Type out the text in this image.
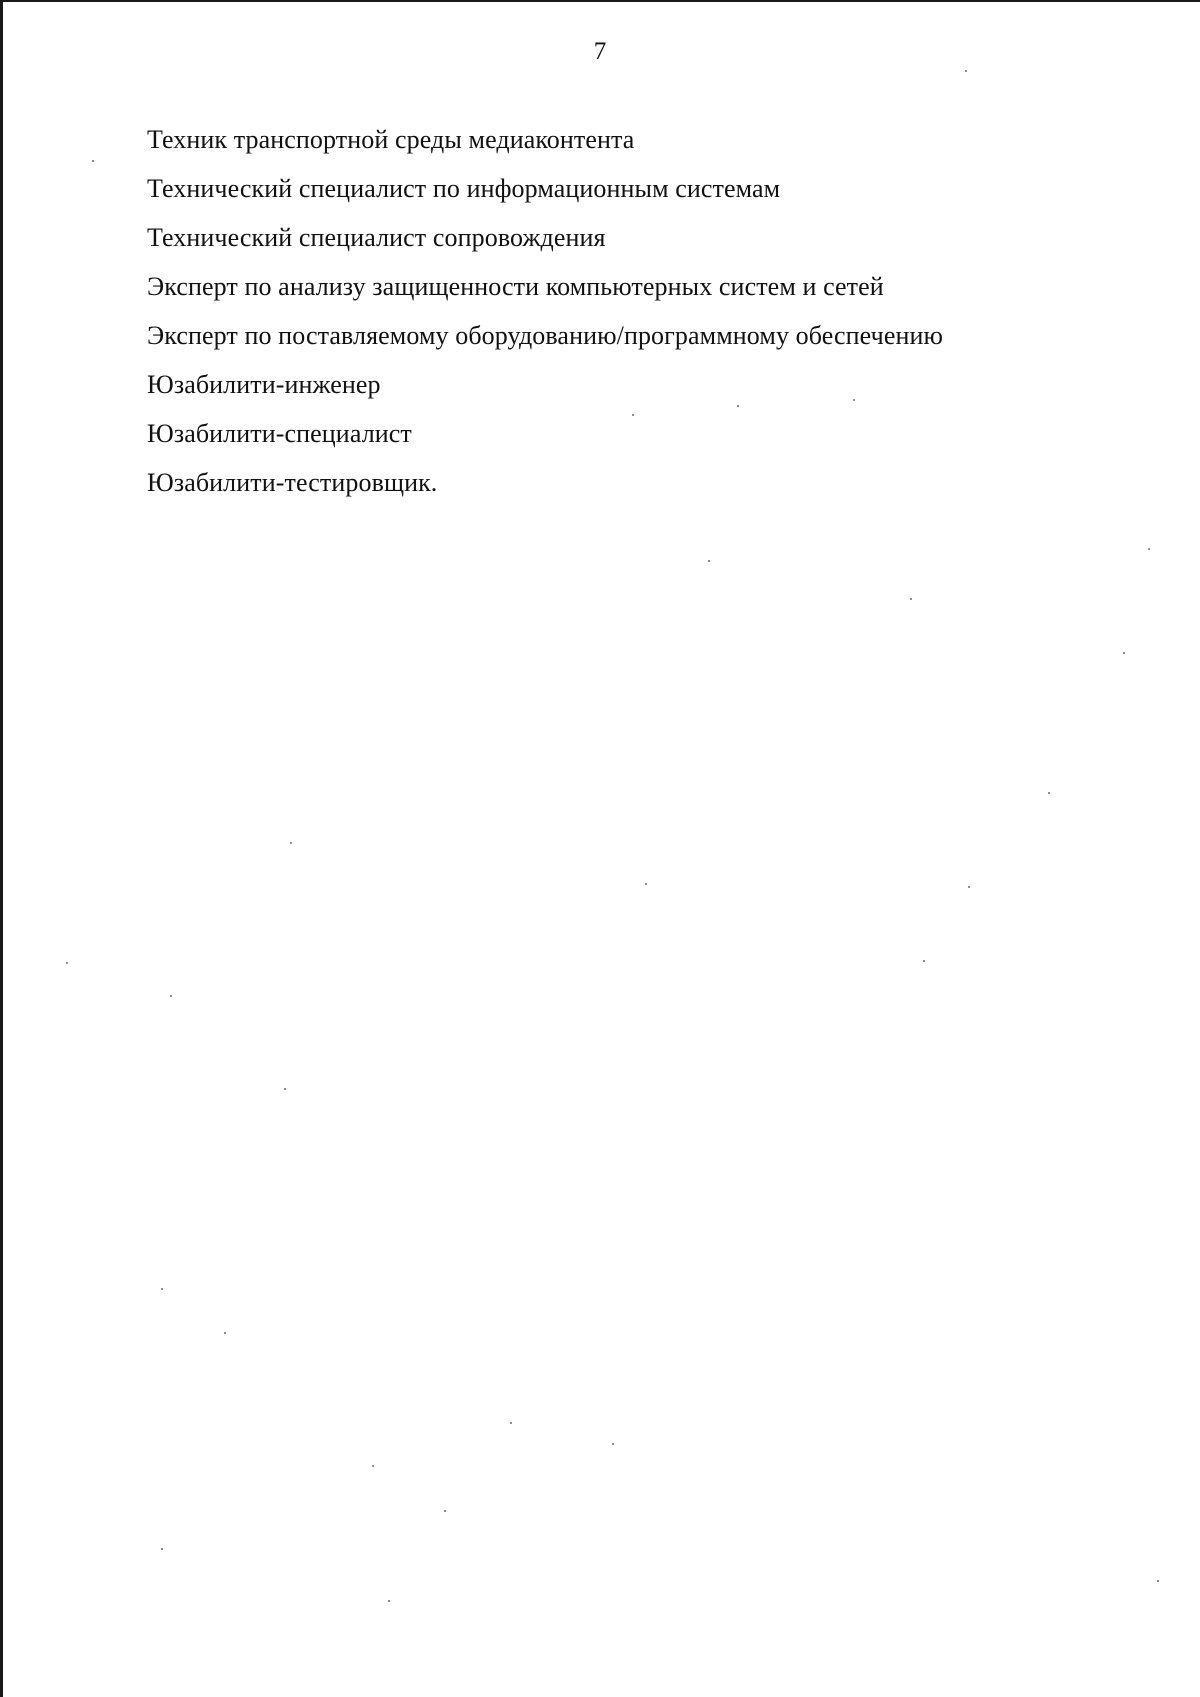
7
Техник транспортной среды медиаконтента
Технический специалист по информационным системам
Технический специалист сопровождения
Эксперт по анализу защищенности компьютерных систем и сетей
Эксперт по поставляемому оборудованию/программному обеспечению
Юзабилити-инженер
Юзабилити-специалист
Юзабилити-тестировщик.
